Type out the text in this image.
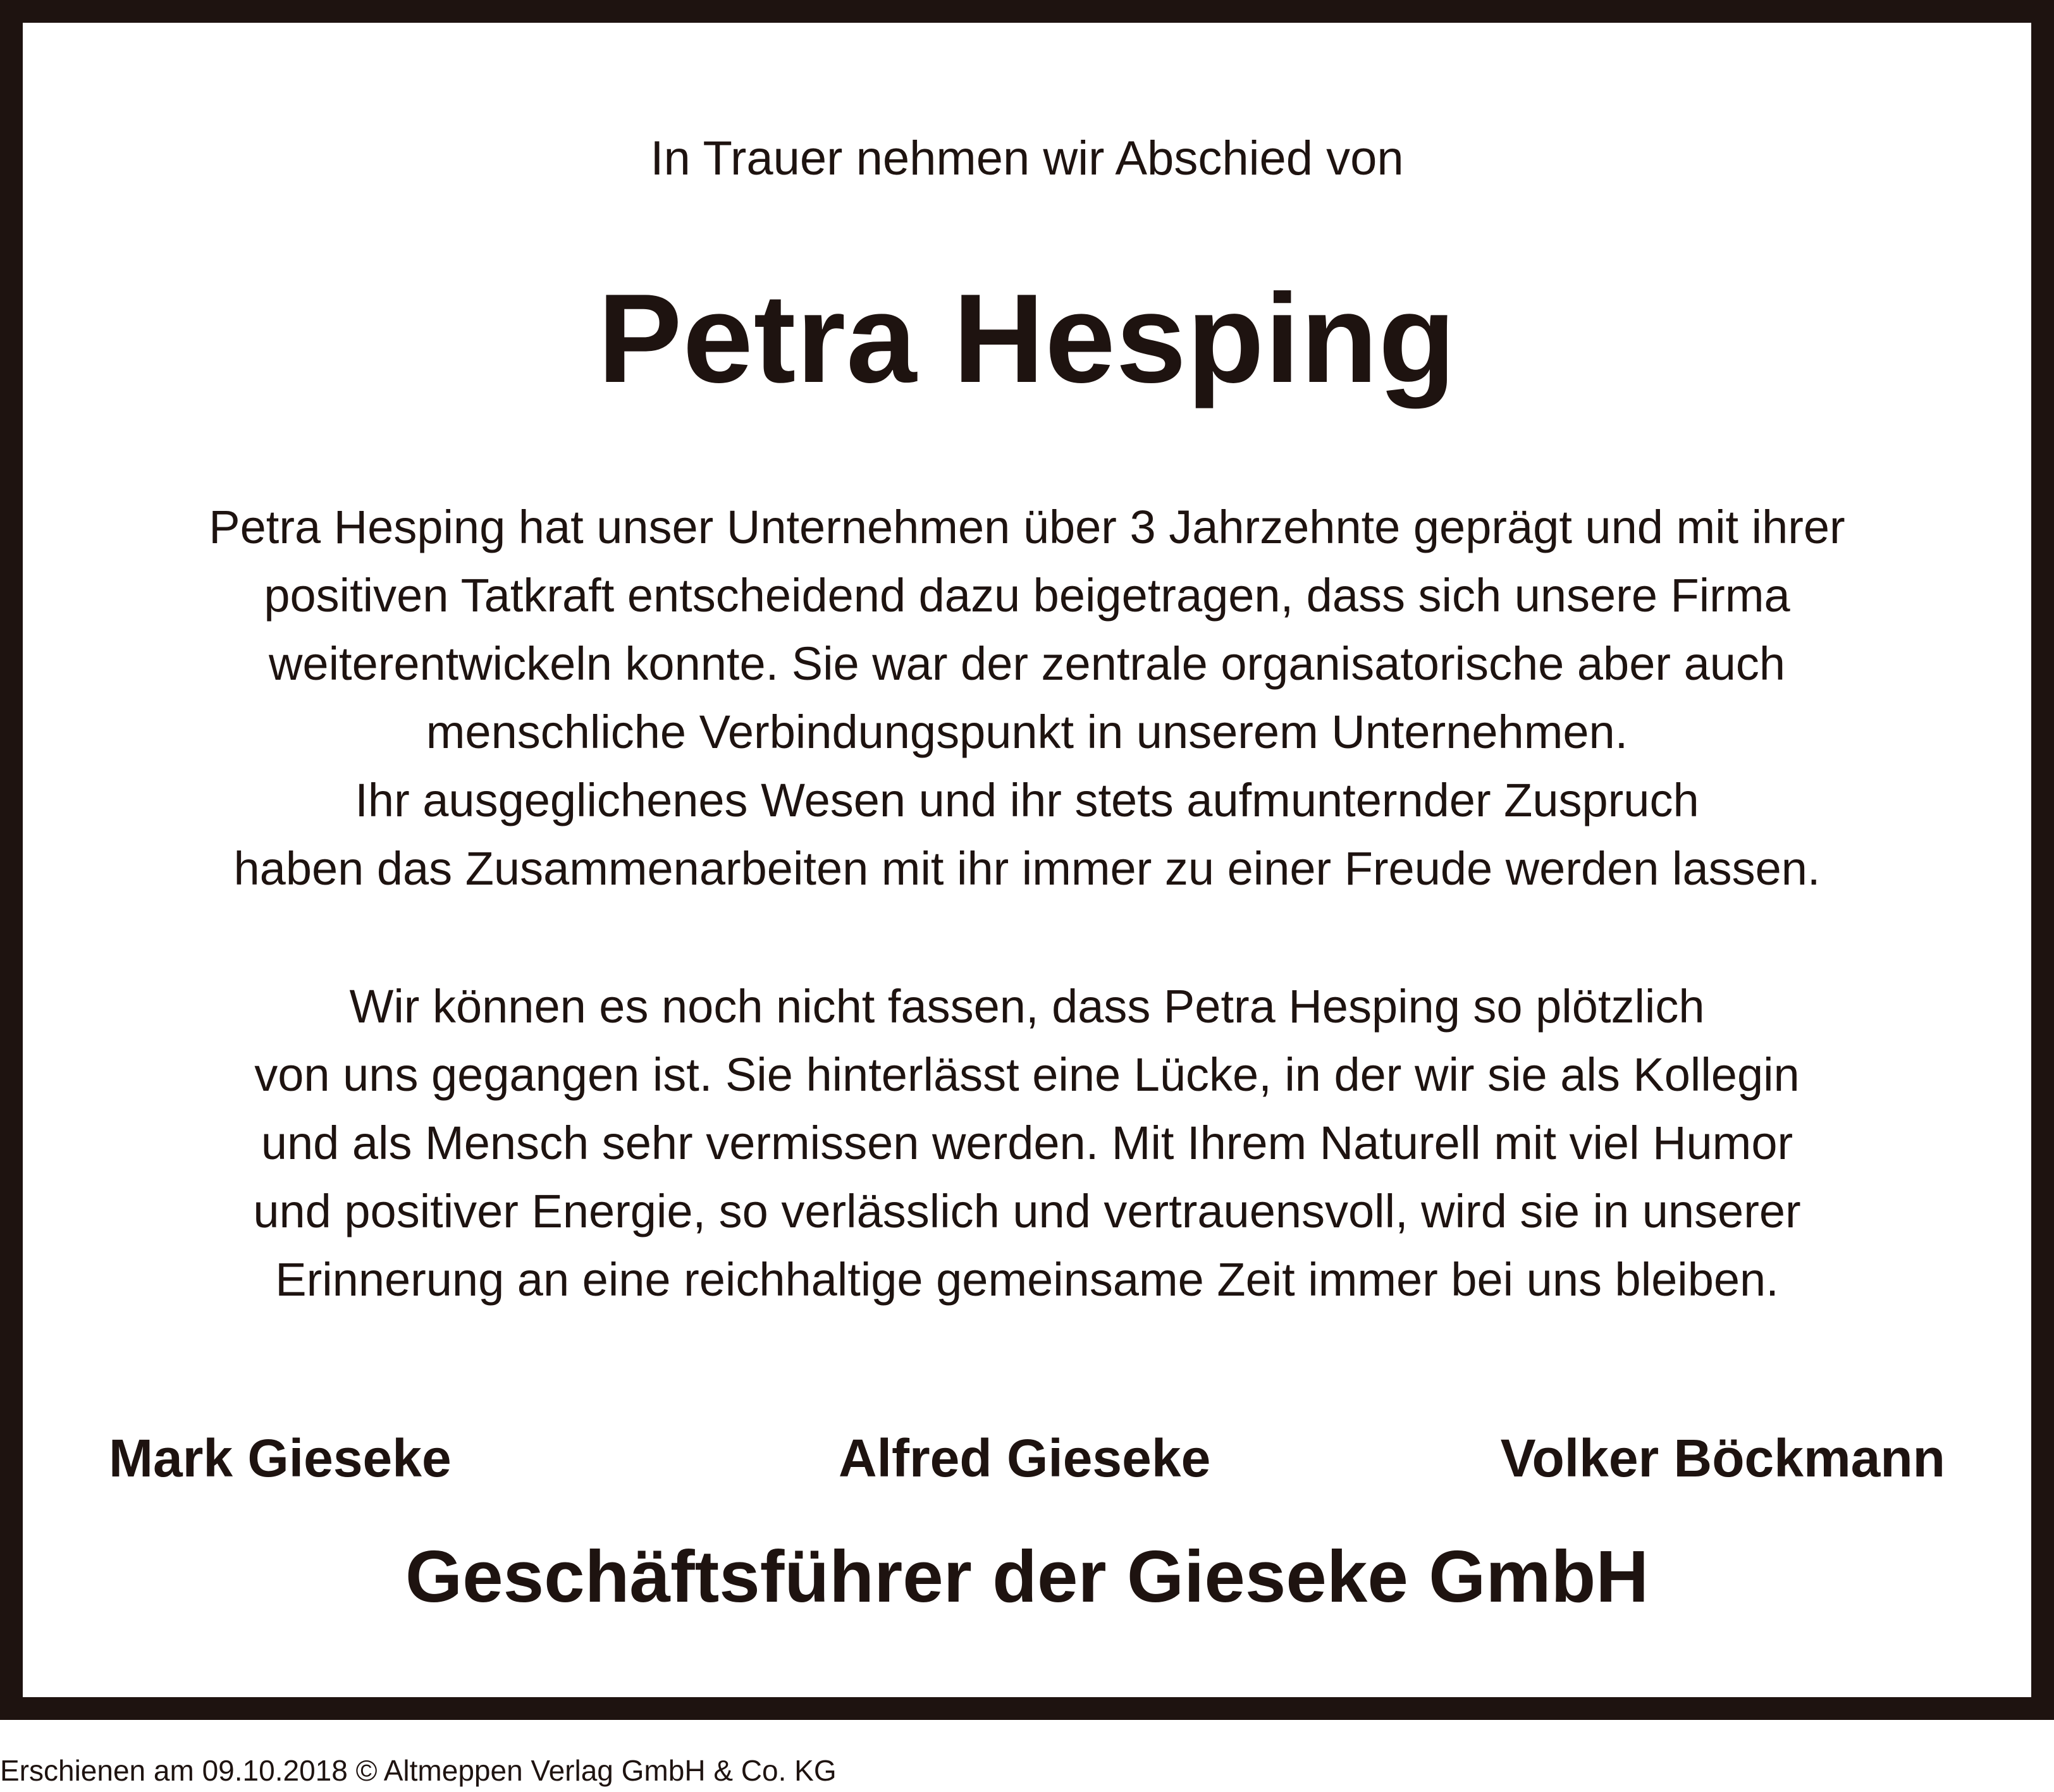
In Trauer nehmen wir Abschied von
Petra Hesping
Petra Hesping hat unser Unternehmen über 3 Jahrzehnte geprägt und mit ihrer
positiven Tatkraft entscheidend dazu beigetragen, dass sich unsere Firma
weiterentwickeln konnte. Sie war der zentrale organisatorische aber auch
menschliche Verbindungspunkt in unserem Unternehmen.
Ihr ausgeglichenes Wesen und ihr stets aufmunternder Zuspruch
haben das Zusammenarbeiten mit ihr immer zu einer Freude werden lassen.
Wir können es noch nicht fassen, dass Petra Hesping so plötzlich
von uns gegangen ist. Sie hinterlässt eine Lücke, in der wir sie als Kollegin
und als Mensch sehr vermissen werden. Mit Ihrem Naturell mit viel Humor
und positiver Energie, so verlässlich und vertrauensvoll, wird sie in unserer
Erinnerung an eine reichhaltige gemeinsame Zeit immer bei uns bleiben.
Mark Gieseke	Alfred Gieseke	Volker Böckmann
Geschäftsführer der Gieseke GmbH
Erschienen am 09.10.2018 © Altmeppen Verlag GmbH & Co. KG
